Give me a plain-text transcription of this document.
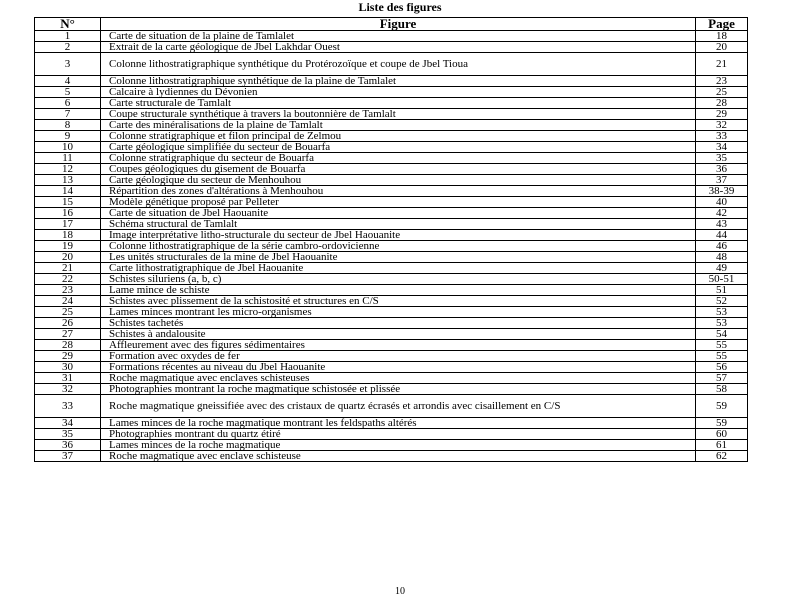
Liste des figures
N°	Figure	Page
1	Carte de situation de la plaine de Tamlalet	18
2	Extrait de la carte géologique de Jbel Lakhdar Ouest	20
3	Colonne lithostratigraphique synthétique du Protérozoïque et coupe de Jbel Tioua	21
4	Colonne lithostratigraphique synthétique de la plaine de Tamlalet	23
5	Calcaire à lydiennes du Dévonien	25
6	Carte structurale de Tamlalt	28
7	Coupe structurale synthétique à travers la boutonnière de Tamlalt	29
8	Carte des minéralisations de la plaine de Tamlalt	32
9	Colonne stratigraphique et filon principal de Zelmou	33
10	Carte géologique simplifiée du secteur de Bouarfa	34
11	Colonne stratigraphique du secteur de Bouarfa	35
12	Coupes géologiques du gisement de Bouarfa	36
13	Carte géologique du secteur de Menhouhou	37
14	Répartition des zones d'altérations à Menhouhou	38-39
15	Modèle génétique proposé par Pelleter	40
16	Carte de situation de Jbel Haouanite	42
17	Schéma structural de Tamlalt	43
18	Image interprétative litho-structurale du secteur de Jbel Haouanite	44
19	Colonne lithostratigraphique de la série cambro-ordovicienne	46
20	Les unités structurales de la mine de Jbel Haouanite	48
21	Carte lithostratigraphique de Jbel Haouanite	49
22	Schistes siluriens (a, b, c)	50-51
23	Lame mince de schiste	51
24	Schistes avec plissement de la schistosité et structures en C/S	52
25	Lames minces montrant les micro-organismes	53
26	Schistes tachetés	53
27	Schistes à andalousite	54
28	Affleurement avec des figures sédimentaires	55
29	Formation avec oxydes de fer	55
30	Formations récentes au niveau du Jbel Haouanite	56
31	Roche magmatique avec enclaves schisteuses	57
32	Photographies montrant la roche magmatique schistosée et plissée	58
33	Roche magmatique gneissifiée avec des cristaux de quartz écrasés et arrondis avec cisaillement en C/S	59
34	Lames minces de la roche magmatique montrant les feldspaths altérés	59
35	Photographies montrant du quartz étiré	60
36	Lames minces de la roche magmatique	61
37	Roche magmatique avec enclave schisteuse	62
10
